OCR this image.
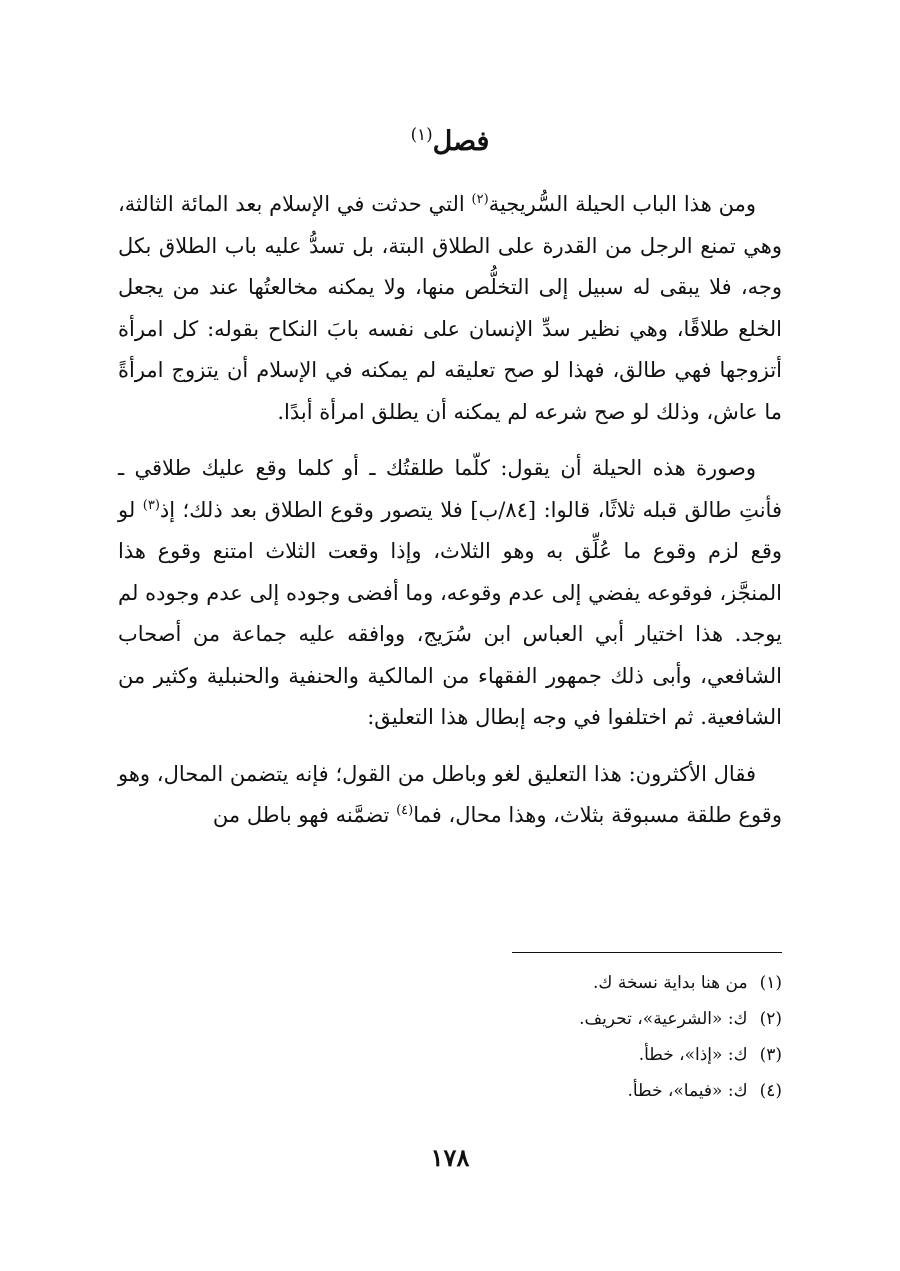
فصل$^{(١)}$

ومن هذا الباب الحيلة السُّريجية$^{(٢)}$ التي حدثت في الإسلام بعد المائة الثالثة، وهي تمنع الرجل من القدرة على الطلاق البتة، بل تسدُّ عليه باب الطلاق بكل وجه، فلا يبقى له سبيل إلى التخلُّص منها، ولا يمكنه مخالعتُها عند من يجعل الخلع طلاقًا، وهي نظير سدِّ الإنسان على نفسه بابَ النكاح بقوله: كل امرأة أتزوجها فهي طالق، فهذا لو صح تعليقه لم يمكنه في الإسلام أن يتزوج امرأةً ما عاش، وذلك لو صح شرعه لم يمكنه أن يطلق امرأة أبدًا.

وصورة هذه الحيلة أن يقول: كلّما طلقتُك ـ أو كلما وقع عليك طلاقي ـ فأنتِ طالق قبله ثلاثًا، قالوا: [٨٤/ب] فلا يتصور وقوع الطلاق بعد ذلك؛ إذ$^{(٣)}$ لو وقع لزم وقوع ما عُلِّق به وهو الثلاث، وإذا وقعت الثلاث امتنع وقوع هذا المنجَّز، فوقوعه يفضي إلى عدم وقوعه، وما أفضى وجوده إلى عدم وجوده لم يوجد. هذا اختيار أبي العباس ابن سُرَيج، ووافقه عليه جماعة من أصحاب الشافعي، وأبى ذلك جمهور الفقهاء من المالكية والحنفية والحنبلية وكثير من الشافعية. ثم اختلفوا في وجه إبطال هذا التعليق:

فقال الأكثرون: هذا التعليق لغو وباطل من القول؛ فإنه يتضمن المحال، وهو وقوع طلقة مسبوقة بثلاث، وهذا محال، فما$^{(٤)}$ تضمَّنه فهو باطل من

(١)من هنا بداية نسخة ك.
(٢)ك: «الشرعية»، تحريف.
(٣)ك: «إذا»، خطأ.
(٤)ك: «فيما»، خطأ.
١٧٨
